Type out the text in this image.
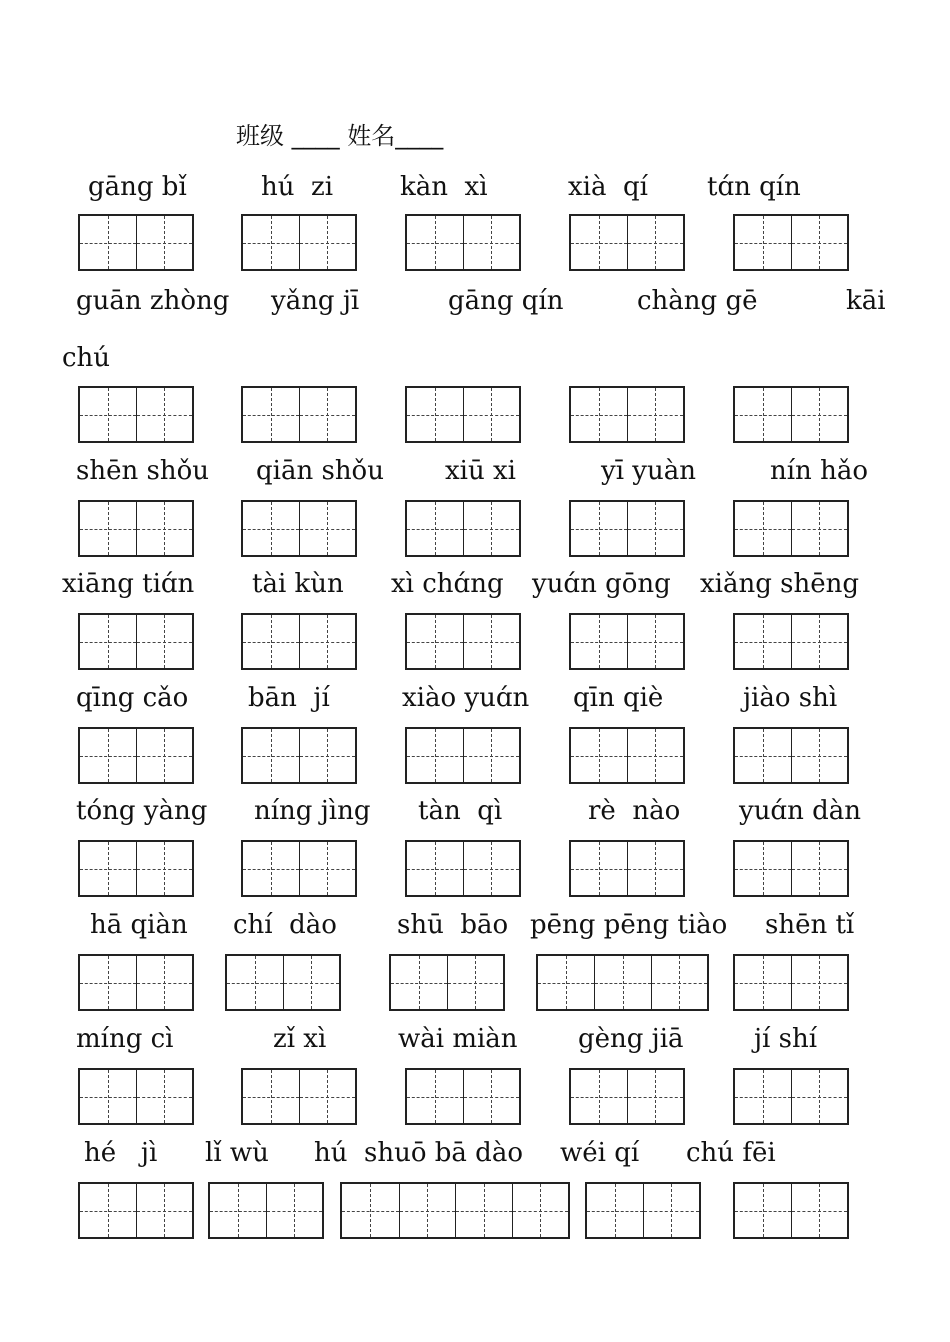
班级 ____ 姓名____
gāng bǐ	hú  zi	kàn  xì	xià  qí tɑ́n qín
guān zhòng yǎng jī	gāng qín	chàng gē	kāi
chú
shēn shǒu qiān shǒu xiū xi	yī yuàn	nín hǎo
xiāng tiɑ́n tài kùn xì chɑ́ng yuɑ́n gōng xiǎng shēng
qīng cǎo bān  jí	xiào yuɑ́n qīn qiè	jiào shì
tóng yàng níng jìng tàn  qì	rè  nào yuɑ́n dàn
hā qiàn chí  dào shū  bāo pēng pēng tiào shēn tǐ
míng cì	zǐ xì	wài miàn gèng jiā	jí shí
hé   jì lǐ wù hú  shuō bā dào wéi qí chú fēi
